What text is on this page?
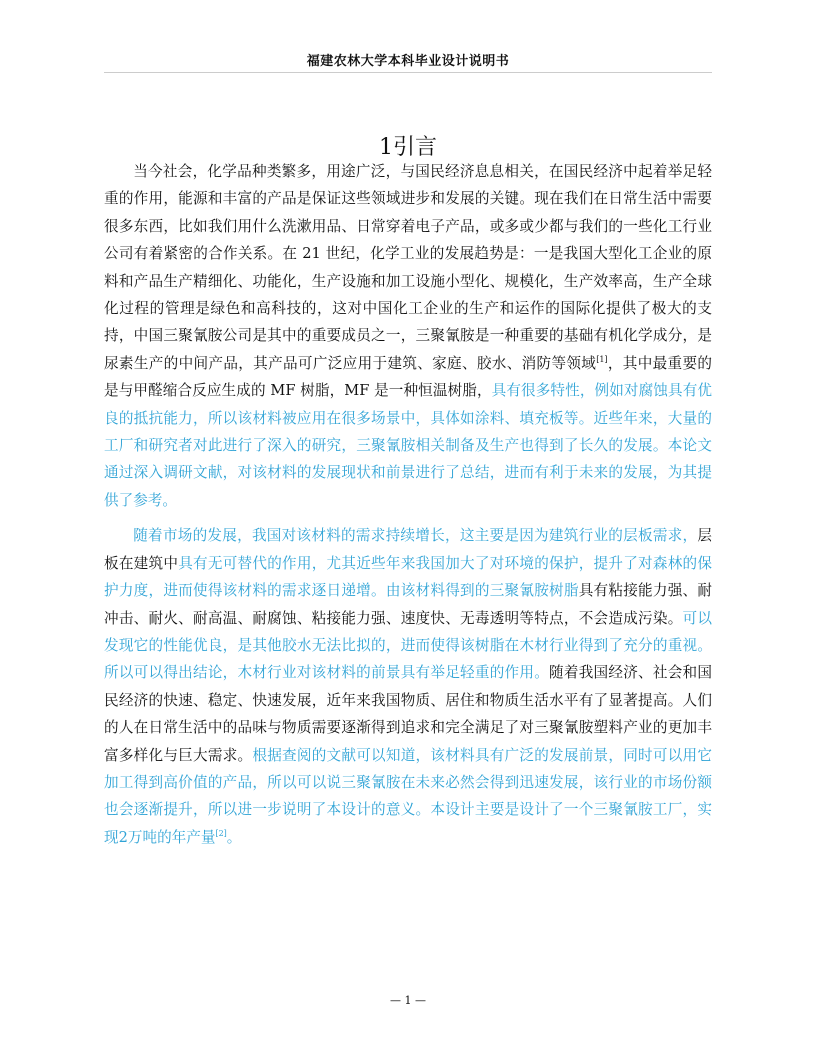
福建农林大学本科毕业设计说明书
1引言

当今社会，化学品种类繁多，用途广泛，与国民经济息息相关，在国民经济中起着举足轻重的作用，能源和丰富的产品是保证这些领域进步和发展的关键。现在我们在日常生活中需要很多东西，比如我们用什么洗漱用品、日常穿着电子产品，或多或少都与我们的一些化工行业公司有着紧密的合作关系。在 21 世纪，化学工业的发展趋势是：一是我国大型化工企业的原料和产品生产精细化、功能化，生产设施和加工设施小型化、规模化，生产效率高，生产全球化过程的管理是绿色和高科技的，这对中国化工企业的生产和运作的国际化提供了极大的支持，中国三聚氰胺公司是其中的重要成员之一，三聚氰胺是一种重要的基础有机化学成分，是尿素生产的中间产品，其产品可广泛应用于建筑、家庭、胶水、消防等领域[1]，其中最重要的是与甲醛缩合反应生成的 MF 树脂，MF 是一种恒温树脂，具有很多特性，例如对腐蚀具有优良的抵抗能力，所以该材料被应用在很多场景中，具体如涂料、填充板等。近些年来，大量的工厂和研究者对此进行了深入的研究，三聚氰胺相关制备及生产也得到了长久的发展。本论文通过深入调研文献，对该材料的发展现状和前景进行了总结，进而有利于未来的发展，为其提供了参考。

随着市场的发展，我国对该材料的需求持续增长，这主要是因为建筑行业的层板需求，层板在建筑中具有无可替代的作用，尤其近些年来我国加大了对环境的保护，提升了对森林的保护力度，进而使得该材料的需求逐日递增。由该材料得到的三聚氰胺树脂具有粘接能力强、耐冲击、耐火、耐高温、耐腐蚀、粘接能力强、速度快、无毒透明等特点，不会造成污染。可以发现它的性能优良，是其他胶水无法比拟的，进而使得该树脂在木材行业得到了充分的重视。所以可以得出结论，木材行业对该材料的前景具有举足轻重的作用。随着我国经济、社会和国民经济的快速、稳定、快速发展，近年来我国物质、居住和物质生活水平有了显著提高。人们的人在日常生活中的品味与物质需要逐渐得到追求和完全满足了对三聚氰胺塑料产业的更加丰富多样化与巨大需求。根据查阅的文献可以知道，该材料具有广泛的发展前景，同时可以用它加工得到高价值的产品，所以可以说三聚氰胺在未来必然会得到迅速发展，该行业的市场份额也会逐渐提升，所以进一步说明了本设计的意义。本设计主要是设计了一个三聚氰胺工厂，实现2万吨的年产量[2]。

— 1 —
